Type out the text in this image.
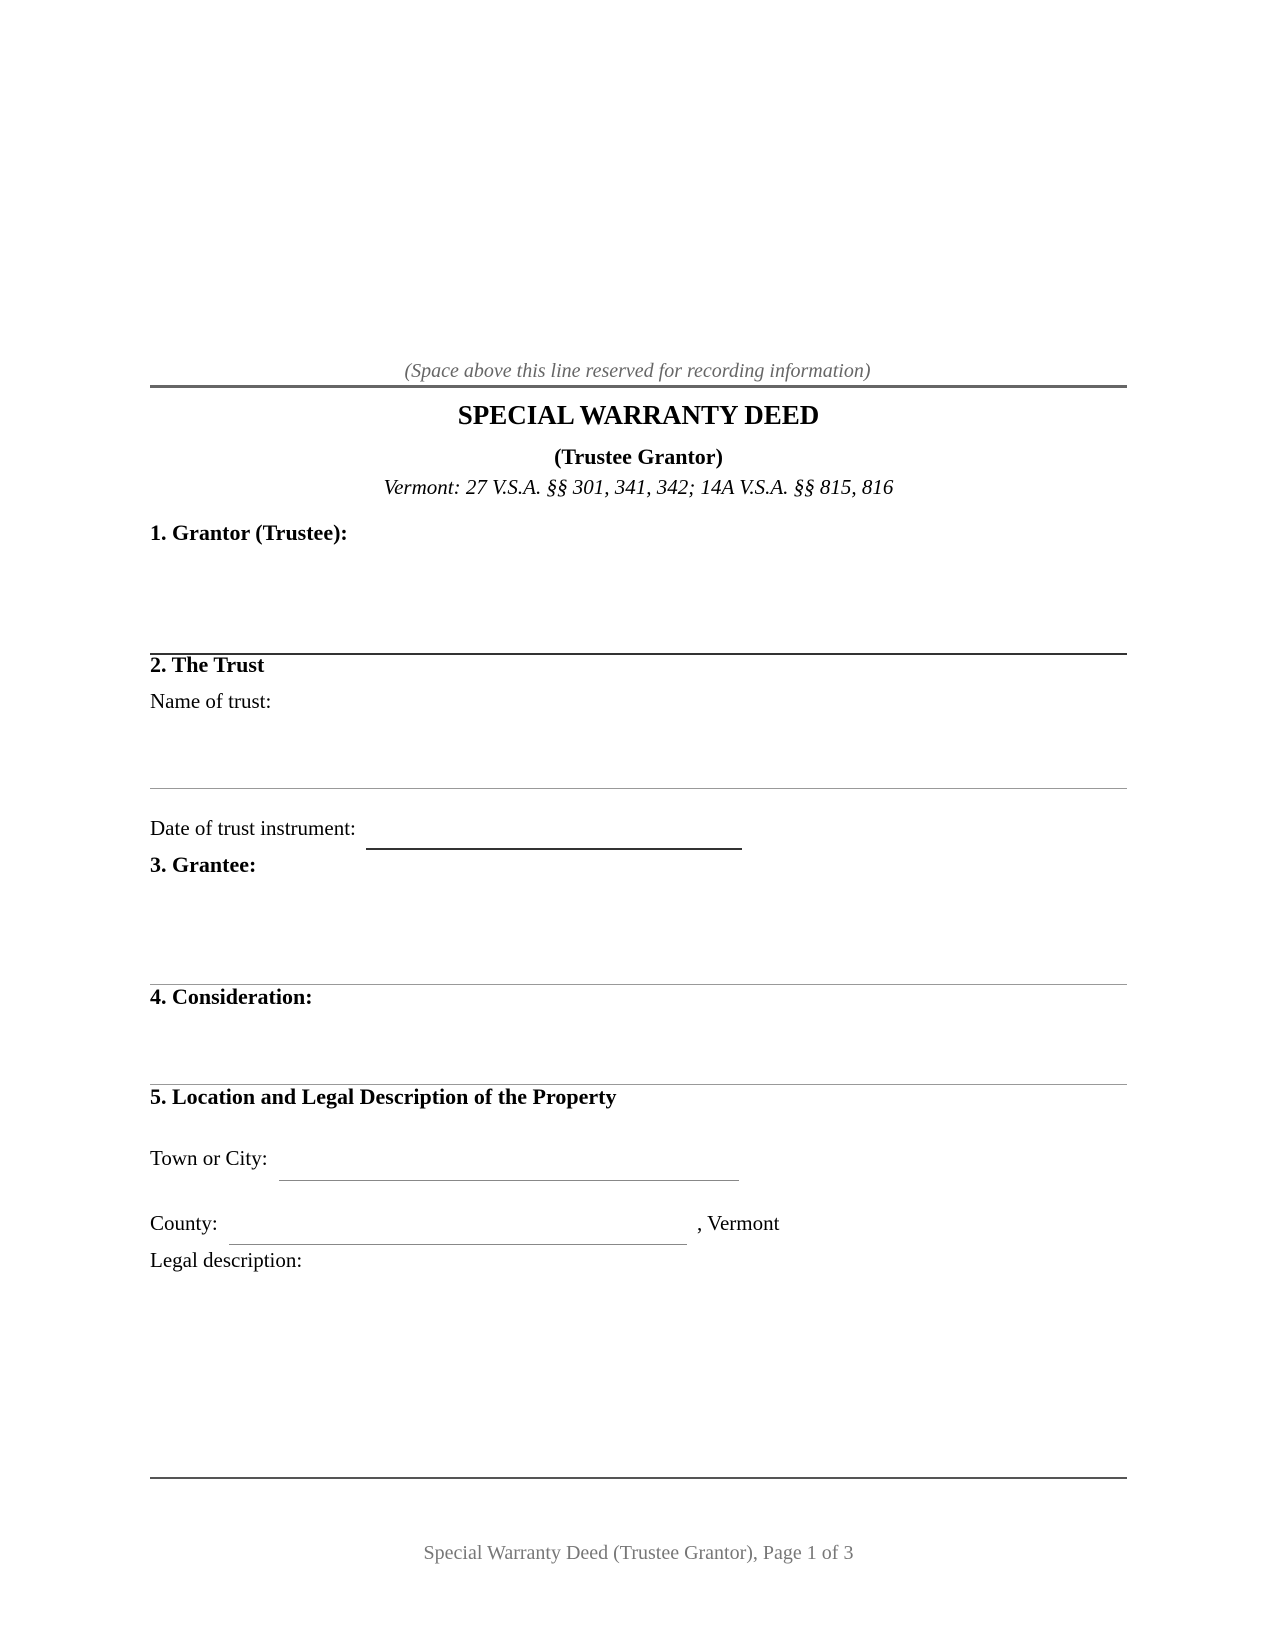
(Space above this line reserved for recording information)
SPECIAL WARRANTY DEED
(Trustee Grantor)
Vermont: 27 V.S.A. §§ 301, 341, 342; 14A V.S.A. §§ 815, 816
1. Grantor (Trustee):
2. The Trust
Name of trust:
Date of trust instrument:
3. Grantee:
4. Consideration:
5. Location and Legal Description of the Property
Town or City:
County:	, Vermont
Legal description:
Special Warranty Deed (Trustee Grantor), Page 1 of 3
